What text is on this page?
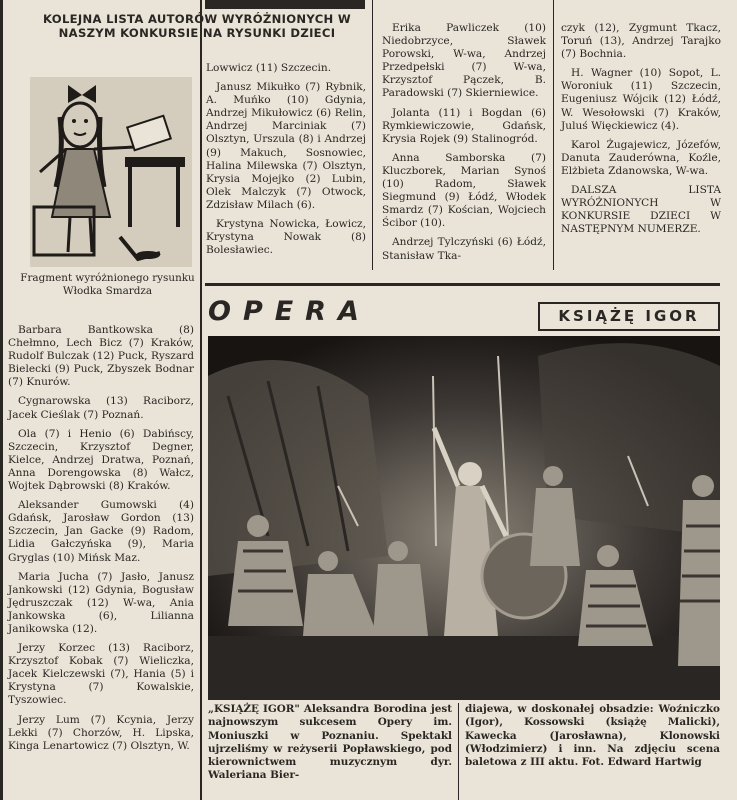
KOLEJNA LISTA AUTORÓW WYRÓŻNIONYCH W NASZYM KONKURSIE NA RYSUNKI DZIECI
Fragment wyróżnionego rysunku Włodka Smardza

Barbara Bantkowska (8) Chełmno, Lech Bicz (7) Kraków, Rudolf Bulczak (12) Puck, Ryszard Bielecki (9) Puck, Zbyszek Bodnar (7) Knurów.

Cygnarowska (13) Raciborz, Jacek Cieślak (7) Poznań.

Ola (7) i Henio (6) Dabińscy, Szczecin, Krzysztof Degner, Kielce, Andrzej Dratwa, Poznań, Anna Dorengowska (8) Wałcz, Wojtek Dąbrowski (8) Kraków.

Aleksander Gumowski (4) Gdańsk, Jarosław Gordon (13) Szczecin, Jan Gacke (9) Radom, Lidia Gałczyńska (9), Maria Gryglas (10) Mińsk Maz.

Maria Jucha (7) Jasło, Janusz Jankowski (12) Gdynia, Bogusław Jędruszczak (12) W-wa, Ania Jankowska (6), Lilianna Janikowska (12).

Jerzy Korzec (13) Raciborz, Krzysztof Kobak (7) Wieliczka, Jacek Kielczewski (7), Hania (5) i Krystyna (7) Kowalskie, Tyszowiec.

Jerzy Lum (7) Kcynia, Jerzy Lekki (7) Chorzów, H. Lipska, Kinga Lenartowicz (7) Olsztyn, W.

Lowwicz (11) Szczecin.

Janusz Mikułko (7) Rybnik, A. Muńko (10) Gdynia, Andrzej Mikułowicz (6) Relin, Andrzej Marciniak (7) Olsztyn, Urszula (8) i Andrzej (9) Makuch, Sosnowiec, Halina Milewska (7) Olsztyn, Krysia Mojejko (2) Lubin, Olek Malczyk (7) Otwock, Zdzisław Milach (6).

Krystyna Nowicka, Łowicz, Krystyna Nowak (8) Bolesławiec.

Erika Pawliczek (10) Niedobrzyce, Sławek Porowski, W-wa, Andrzej Przedpełski (7) W-wa, Krzysztof Pączek, B. Paradowski (7) Skierniewice.

Jolanta (11) i Bogdan (6) Rymkiewiczowie, Gdańsk, Krysia Rojek (9) Stalinogród.

Anna Samborska (7) Kluczborek, Marian Synoś (10) Radom, Sławek Siegmund (9) Łódź, Włodek Smardz (7) Kościan, Wojciech Ścibor (10).

Andrzej Tylczyński (6) Łódź, Stanisław Tka-

czyk (12), Zygmunt Tkacz, Toruń (13), Andrzej Tarajko (7) Bochnia.

H. Wagner (10) Sopot, L. Woroniuk (11) Szczecin, Eugeniusz Wójcik (12) Łódź, W. Wesołowski (7) Kraków, Juluś Więckiewicz (4).

Karol Żugajewicz, Józefów, Danuta Zauderówna, Koźle, Elżbieta Zdanowska, W-wa.

DALSZA LISTA WYRÓŻNIONYCH W KONKURSIE DZIECI W NASTĘPNYM NUMERZE.

OPERA	KSIĄŻĘ IGOR
„KSIĄŻĘ IGOR" Aleksandra Borodina jest najnowszym sukcesem Opery im. Moniuszki w Poznaniu. Spektakl ujrzeliśmy w reżyserii Popławskiego, pod kierownictwem muzycznym dyr. Waleriana Bier-
diajewa, w doskonałej obsadzie: Woźniczko (Igor), Kossowski (książę Malicki), Kawecka (Jarosławna), Klonowski (Włodzimierz) i inn. Na zdjęciu scena baletowa z III aktu. Fot. Edward Hartwig
